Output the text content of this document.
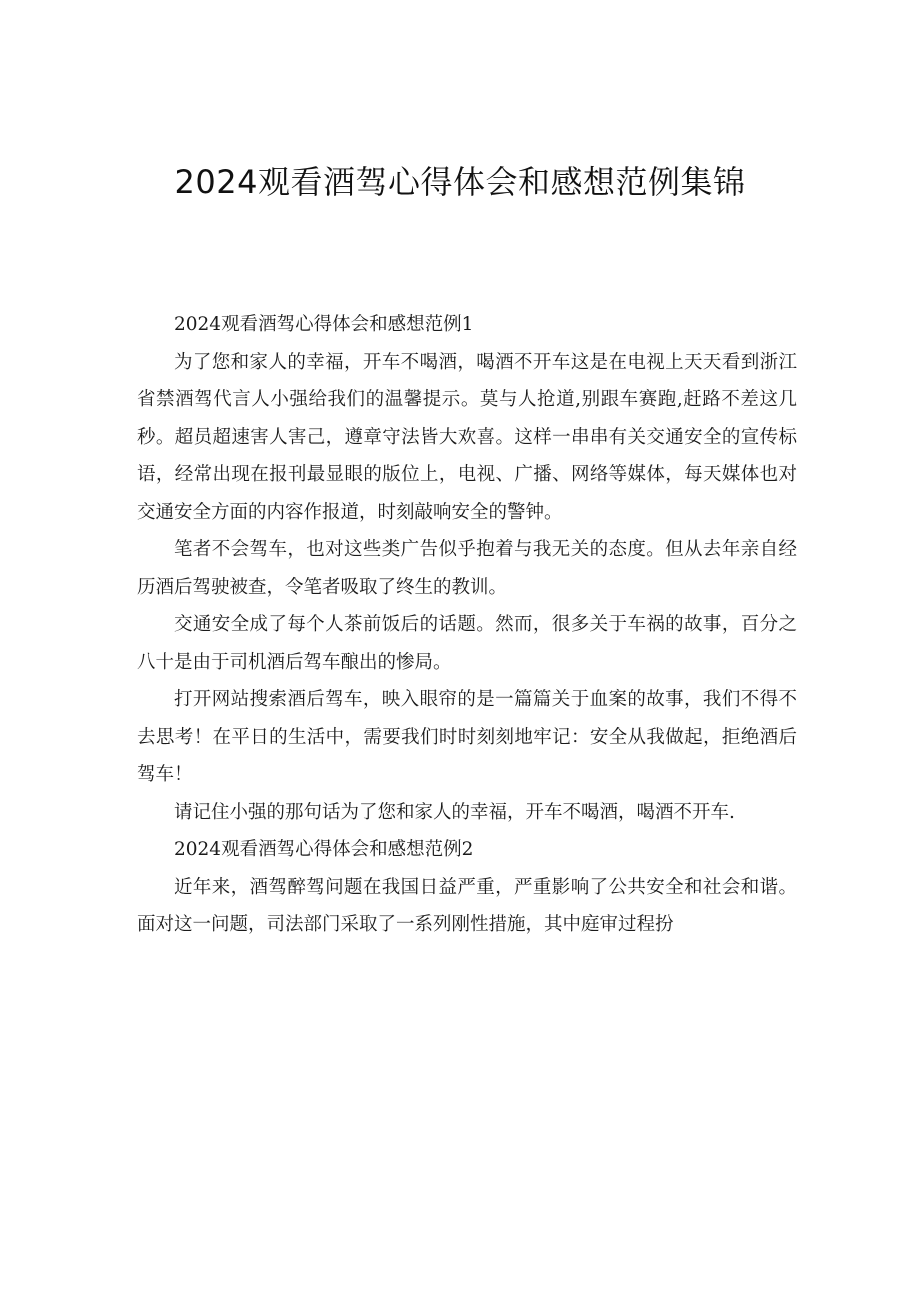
2024观看酒驾心得体会和感想范例集锦

2024观看酒驾心得体会和感想范例1

为了您和家人的幸福，开车不喝酒，喝酒不开车这是在电视上天天看到浙江省禁酒驾代言人小强给我们的温馨提示。莫与人抢道,别跟车赛跑,赶路不差这几秒。超员超速害人害己，遵章守法皆大欢喜。这样一串串有关交通安全的宣传标语，经常出现在报刊最显眼的版位上，电视、广播、网络等媒体，每天媒体也对交通安全方面的内容作报道，时刻敲响安全的警钟。

笔者不会驾车，也对这些类广告似乎抱着与我无关的态度。但从去年亲自经历酒后驾驶被查，令笔者吸取了终生的教训。

交通安全成了每个人茶前饭后的话题。然而，很多关于车祸的故事，百分之八十是由于司机酒后驾车酿出的惨局。

打开网站搜索酒后驾车，映入眼帘的是一篇篇关于血案的故事，我们不得不去思考！在平日的生活中，需要我们时时刻刻地牢记：安全从我做起，拒绝酒后驾车！

请记住小强的那句话为了您和家人的幸福，开车不喝酒，喝酒不开车.

2024观看酒驾心得体会和感想范例2

近年来，酒驾醉驾问题在我国日益严重，严重影响了公共安全和社会和谐。面对这一问题，司法部门采取了一系列刚性措施，其中庭审过程扮
